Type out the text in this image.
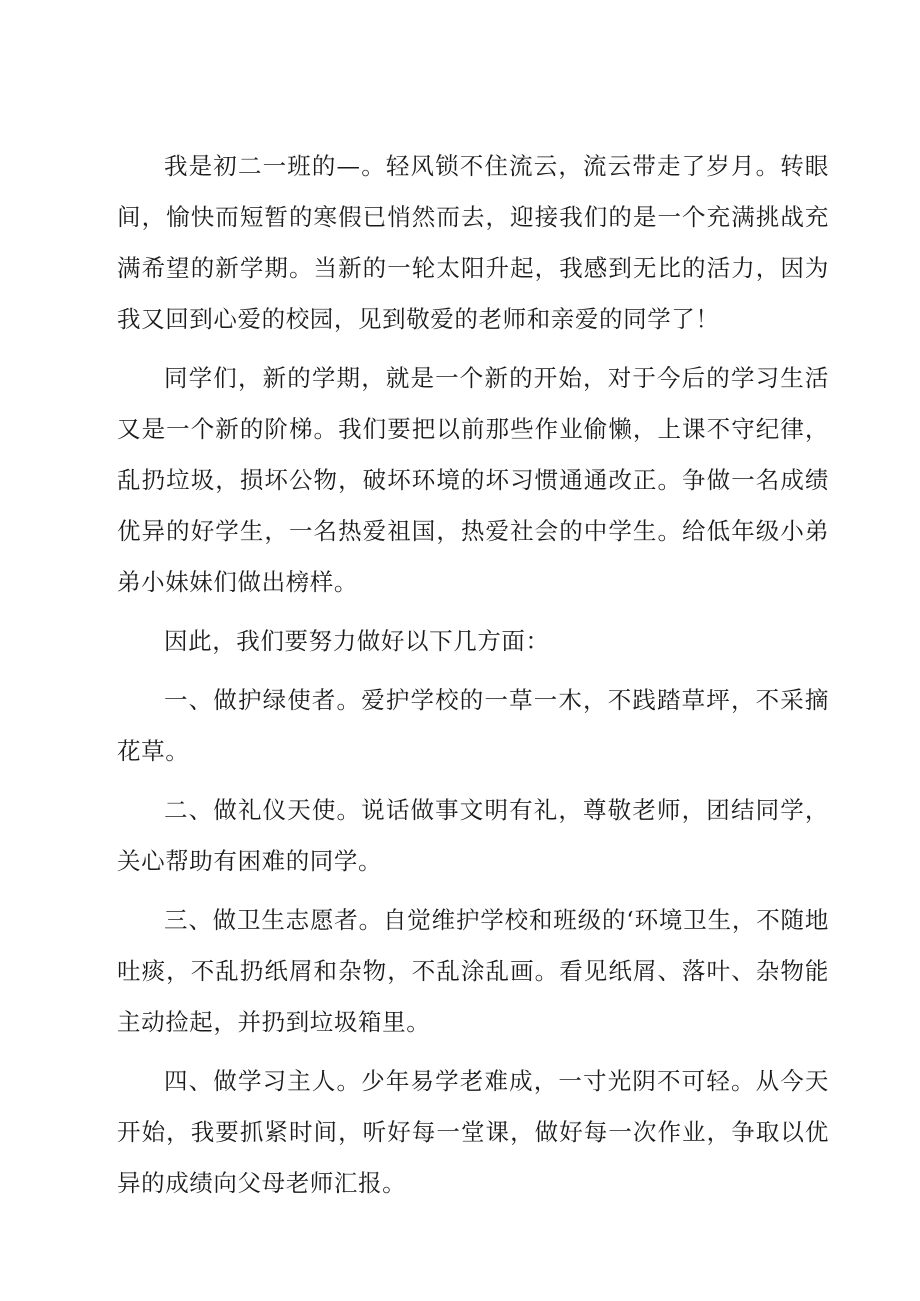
我是初二一班的—。轻风锁不住流云，流云带走了岁月。转眼间，愉快而短暂的寒假已悄然而去，迎接我们的是一个充满挑战充满希望的新学期。当新的一轮太阳升起，我感到无比的活力，因为我又回到心爱的校园，见到敬爱的老师和亲爱的同学了！

同学们，新的学期，就是一个新的开始，对于今后的学习生活又是一个新的阶梯。我们要把以前那些作业偷懒，上课不守纪律，乱扔垃圾，损坏公物，破坏环境的坏习惯通通改正。争做一名成绩优异的好学生，一名热爱祖国，热爱社会的中学生。给低年级小弟弟小妹妹们做出榜样。

因此，我们要努力做好以下几方面：

一、做护绿使者。爱护学校的一草一木，不践踏草坪，不采摘花草。

二、做礼仪天使。说话做事文明有礼，尊敬老师，团结同学，关心帮助有困难的同学。

三、做卫生志愿者。自觉维护学校和班级的‘环境卫生，不随地吐痰，不乱扔纸屑和杂物，不乱涂乱画。看见纸屑、落叶、杂物能主动捡起，并扔到垃圾箱里。

四、做学习主人。少年易学老难成，一寸光阴不可轻。从今天开始，我要抓紧时间，听好每一堂课，做好每一次作业，争取以优异的成绩向父母老师汇报。
